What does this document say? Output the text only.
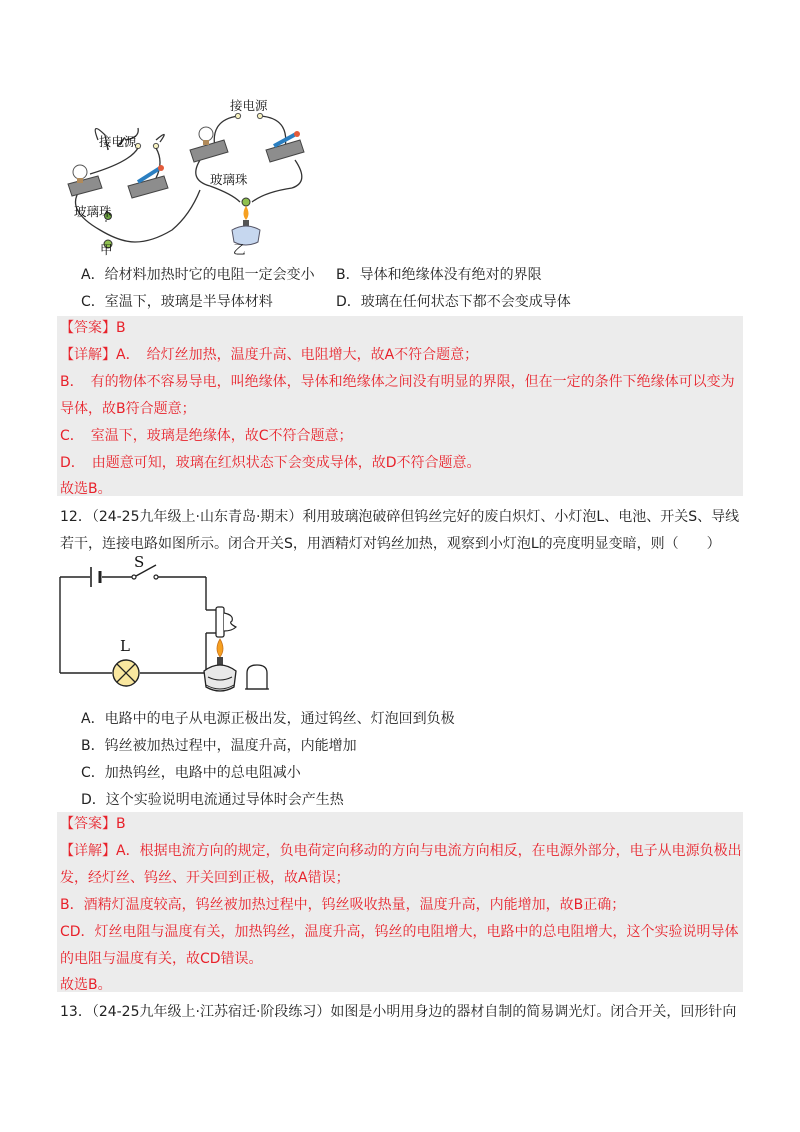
接电源
接电源
玻璃珠
玻璃珠
甲	乙
A．给材料加热时它的电阻一定会变小 B．导体和绝缘体没有绝对的界限
C．室温下，玻璃是半导体材料	D．玻璃在任何状态下都不会变成导体
【答案】B
【详解】A．　给灯丝加热，温度升高、电阻增大，故A不符合题意；
B．　有的物体不容易导电，叫绝缘体，导体和绝缘体之间没有明显的界限，但在一定的条件下绝缘体可以变为
导体，故B符合题意；
C．　室温下，玻璃是绝缘体，故C不符合题意；
D．　由题意可知，玻璃在红炽状态下会变成导体，故D不符合题意。
故选B。
12．（24-25九年级上·山东青岛·期末）利用玻璃泡破碎但钨丝完好的废白炽灯、小灯泡L、电池、开关S、导线
若干，连接电路如图所示。闭合开关S，用酒精灯对钨丝加热，观察到小灯泡L的亮度明显变暗，则（　　）
S
L
A．电路中的电子从电源正极出发，通过钨丝、灯泡回到负极
B．钨丝被加热过程中，温度升高，内能增加
C．加热钨丝，电路中的总电阻减小
D．这个实验说明电流通过导体时会产生热
【答案】B
【详解】A．根据电流方向的规定，负电荷定向移动的方向与电流方向相反，在电源外部分，电子从电源负极出
发，经灯丝、钨丝、开关回到正极，故A错误；
B．酒精灯温度较高，钨丝被加热过程中，钨丝吸收热量，温度升高，内能增加，故B正确；
CD．灯丝电阻与温度有关，加热钨丝，温度升高，钨丝的电阻增大，电路中的总电阻增大，这个实验说明导体
的电阻与温度有关，故CD错误。
故选B。
13．（24-25九年级上·江苏宿迁·阶段练习）如图是小明用身边的器材自制的简易调光灯。闭合开关，回形针向
